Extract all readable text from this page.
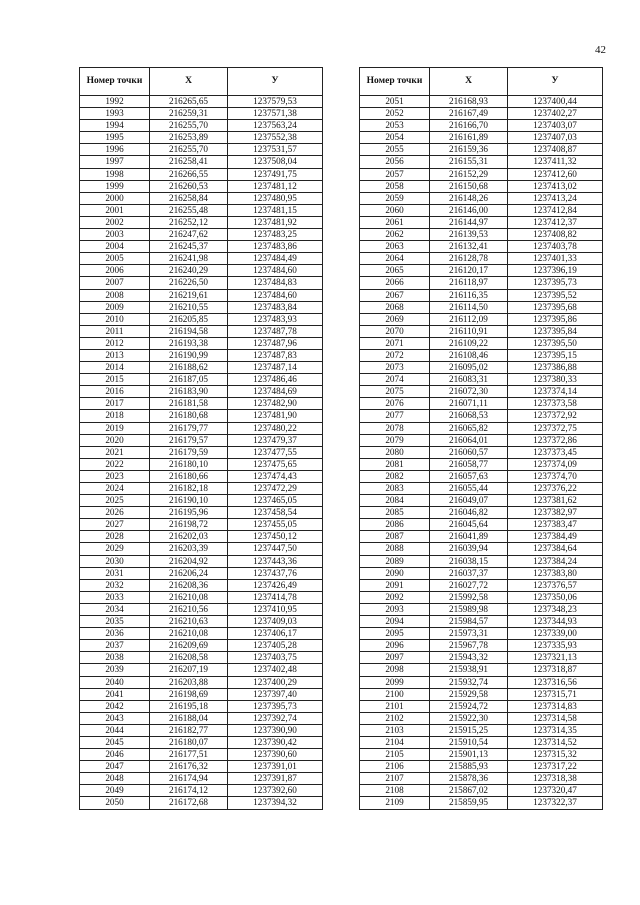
42
Номер точки	X	У
1992	216265,65	1237579,53
1993	216259,31	1237571,38
1994	216255,70	1237563,24
1995	216253,89	1237552,38
1996	216255,70	1237531,57
1997	216258,41	1237508,04
1998	216266,55	1237491,75
1999	216260,53	1237481,12
2000	216258,84	1237480,95
2001	216255,48	1237481,15
2002	216252,12	1237481,92
2003	216247,62	1237483,25
2004	216245,37	1237483,86
2005	216241,98	1237484,49
2006	216240,29	1237484,60
2007	216226,50	1237484,83
2008	216219,61	1237484,60
2009	216210,55	1237483,84
2010	216205,85	1237483,93
2011	216194,58	1237487,78
2012	216193,38	1237487,96
2013	216190,99	1237487,83
2014	216188,62	1237487,14
2015	216187,05	1237486,46
2016	216183,90	1237484,69
2017	216181,58	1237482,90
2018	216180,68	1237481,90
2019	216179,77	1237480,22
2020	216179,57	1237479,37
2021	216179,59	1237477,55
2022	216180,10	1237475,65
2023	216180,66	1237474,43
2024	216182,18	1237472,29
2025	216190,10	1237465,05
2026	216195,96	1237458,54
2027	216198,72	1237455,05
2028	216202,03	1237450,12
2029	216203,39	1237447,50
2030	216204,92	1237443,36
2031	216206,24	1237437,76
2032	216208,36	1237426,49
2033	216210,08	1237414,78
2034	216210,56	1237410,95
2035	216210,63	1237409,03
2036	216210,08	1237406,17
2037	216209,69	1237405,28
2038	216208,58	1237403,75
2039	216207,19	1237402,48
2040	216203,88	1237400,29
2041	216198,69	1237397,40
2042	216195,18	1237395,73
2043	216188,04	1237392,74
2044	216182,77	1237390,90
2045	216180,07	1237390,42
2046	216177,51	1237390,60
2047	216176,32	1237391,01
2048	216174,94	1237391,87
2049	216174,12	1237392,60
2050	216172,68	1237394,32
Номер точки	X	У
2051	216168,93	1237400,44
2052	216167,49	1237402,27
2053	216166,70	1237403,07
2054	216161,89	1237407,03
2055	216159,36	1237408,87
2056	216155,31	1237411,32
2057	216152,29	1237412,60
2058	216150,68	1237413,02
2059	216148,26	1237413,24
2060	216146,00	1237412,84
2061	216144,97	1237412,37
2062	216139,53	1237408,82
2063	216132,41	1237403,78
2064	216128,78	1237401,33
2065	216120,17	1237396,19
2066	216118,97	1237395,73
2067	216116,35	1237395,52
2068	216114,50	1237395,68
2069	216112,09	1237395,86
2070	216110,91	1237395,84
2071	216109,22	1237395,50
2072	216108,46	1237395,15
2073	216095,02	1237386,88
2074	216083,31	1237380,33
2075	216072,30	1237374,14
2076	216071,11	1237373,58
2077	216068,53	1237372,92
2078	216065,82	1237372,75
2079	216064,01	1237372,86
2080	216060,57	1237373,45
2081	216058,77	1237374,09
2082	216057,63	1237374,70
2083	216055,44	1237376,22
2084	216049,07	1237381,62
2085	216046,82	1237382,97
2086	216045,64	1237383,47
2087	216041,89	1237384,49
2088	216039,94	1237384,64
2089	216038,15	1237384,24
2090	216037,37	1237383,80
2091	216027,72	1237376,57
2092	215992,58	1237350,06
2093	215989,98	1237348,23
2094	215984,57	1237344,93
2095	215973,31	1237339,00
2096	215967,78	1237335,93
2097	215943,32	1237321,13
2098	215938,91	1237318,87
2099	215932,74	1237316,56
2100	215929,58	1237315,71
2101	215924,72	1237314,83
2102	215922,30	1237314,58
2103	215915,25	1237314,35
2104	215910,54	1237314,52
2105	215901,13	1237315,32
2106	215885,93	1237317,22
2107	215878,36	1237318,38
2108	215867,02	1237320,47
2109	215859,95	1237322,37
